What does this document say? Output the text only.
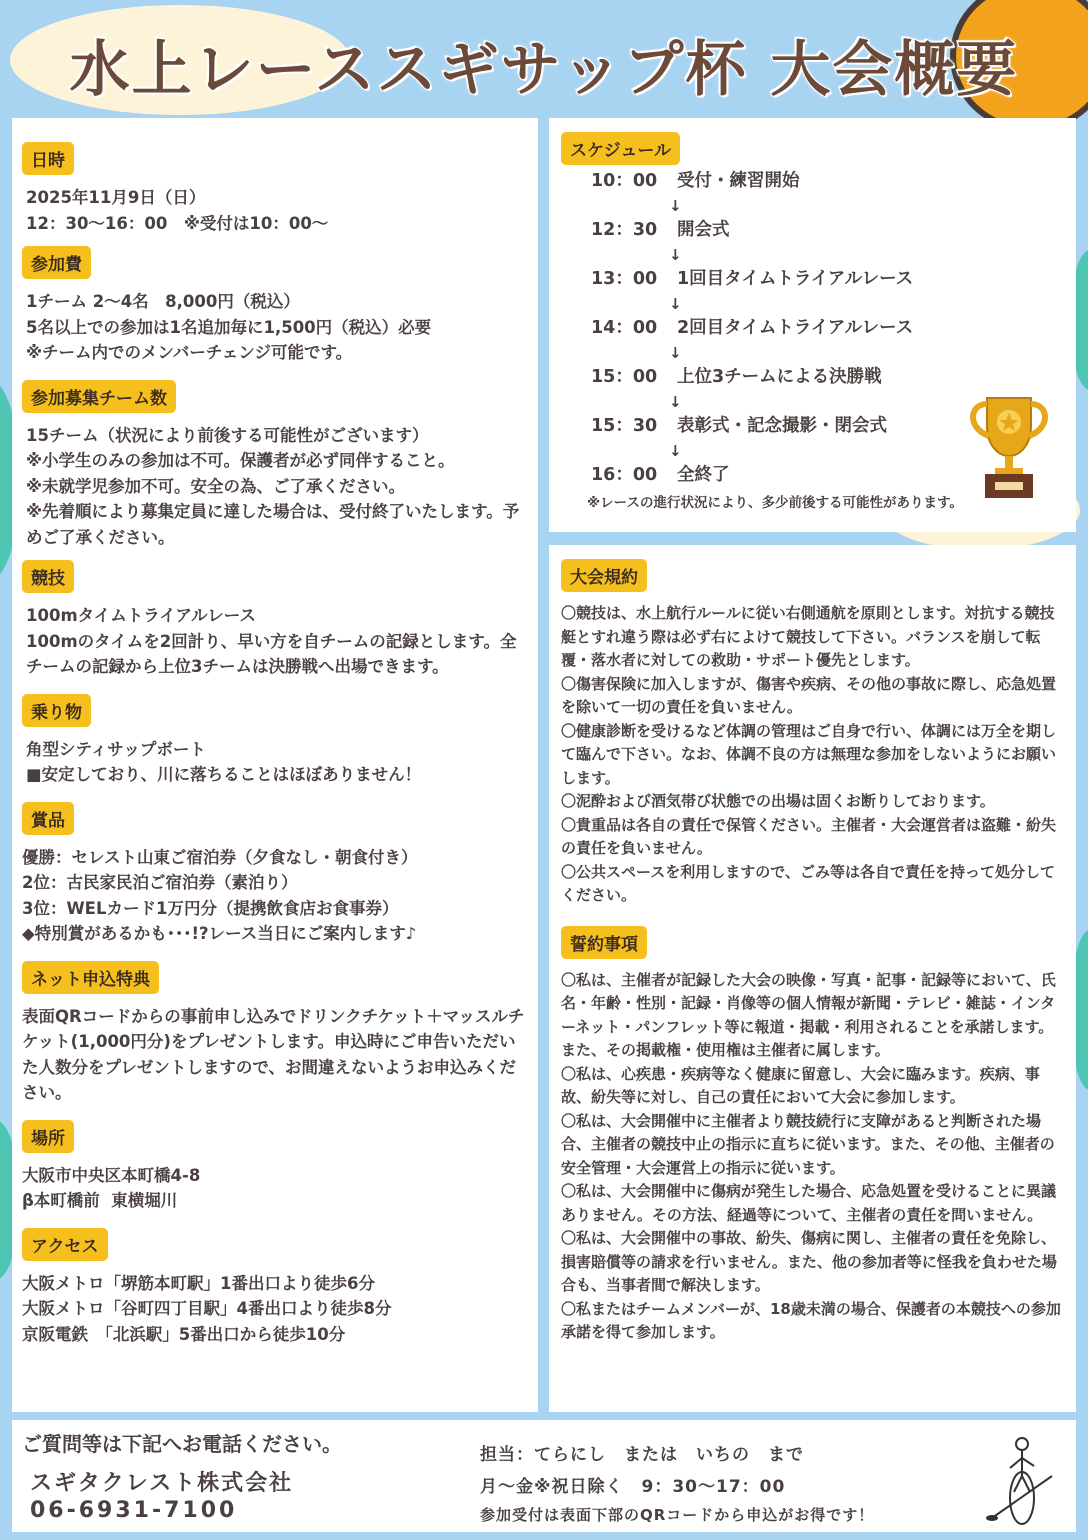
水上レーススギサップ杯 大会概要
日時

2025年11月9日（日）

12：30～16：00　※受付は10：00～

参加費

1チーム 2～4名　8,000円（税込）

5名以上での参加は1名追加毎に1,500円（税込）必要

※チーム内でのメンバーチェンジ可能です。

参加募集チーム数

15チーム（状況により前後する可能性がございます）

※小学生のみの参加は不可。保護者が必ず同伴すること。

※未就学児参加不可。安全の為、ご了承ください。

※先着順により募集定員に達した場合は、受付終了いたします。予めご了承ください。

競技

100mタイムトライアルレース

100mのタイムを2回計り、早い方を自チームの記録とします。全チームの記録から上位3チームは決勝戦へ出場できます。

乗り物

角型シティサップボート

■安定しており、川に落ちることはほぼありません！

賞品

優勝：セレスト山東ご宿泊券（夕食なし・朝食付き）

2位：古民家民泊ご宿泊券（素泊り）

3位：WELカード1万円分（提携飲食店お食事券）

◆特別賞があるかも･･･!?レース当日にご案内します♪

ネット申込特典

表面QRコードからの事前申し込みでドリンクチケット＋マッスルチケット(1,000円分)をプレゼントします。申込時にご申告いただいた人数分をプレゼントしますので、お間違えないようお申込みください。

場所

大阪市中央区本町橋4-8

β本町橋前  東横堀川

アクセス

大阪メトロ「堺筋本町駅」1番出口より徒歩6分

大阪メトロ「谷町四丁目駅」4番出口より徒歩8分

京阪電鉄　「北浜駅」5番出口から徒歩10分

スケジュール
10：00	受付・練習開始
↓
12：30	開会式
↓
13：00	1回目タイムトライアルレース
↓
14：00	2回目タイムトライアルレース
↓
15：00	上位3チームによる決勝戦
↓
15：30	表彰式・記念撮影・閉会式
↓
16：00	全終了
※レースの進行状況により、多少前後する可能性があります。
大会規約
〇競技は、水上航行ルールに従い右側通航を原則とします。対抗する競技艇とすれ違う際は必ず右によけて競技して下さい。バランスを崩して転覆・落水者に対しての救助・サポート優先とします。
〇傷害保険に加入しますが、傷害や疾病、その他の事故に際し、応急処置を除いて一切の責任を負いません。
〇健康診断を受けるなど体調の管理はご自身で行い、体調には万全を期して臨んで下さい。なお、体調不良の方は無理な参加をしないようにお願いします。
〇泥酔および酒気帯び状態での出場は固くお断りしております。
〇貴重品は各自の責任で保管ください。主催者・大会運営者は盗難・紛失の責任を負いません。
〇公共スペースを利用しますので、ごみ等は各自で責任を持って処分してください。
誓約事項
〇私は、主催者が記録した大会の映像・写真・記事・記録等において、氏名・年齢・性別・記録・肖像等の個人情報が新聞・テレビ・雑誌・インターネット・パンフレット等に報道・掲載・利用されることを承諾します。また、その掲載権・使用権は主催者に属します。
〇私は、心疾患・疾病等なく健康に留意し、大会に臨みます。疾病、事故、紛失等に対し、自己の責任において大会に参加します。
〇私は、大会開催中に主催者より競技続行に支障があると判断された場合、主催者の競技中止の指示に直ちに従います。また、その他、主催者の安全管理・大会運営上の指示に従います。
〇私は、大会開催中に傷病が発生した場合、応急処置を受けることに異議ありません。その方法、経過等について、主催者の責任を問いません。
〇私は、大会開催中の事故、紛失、傷病に関し、主催者の責任を免除し、損害賠償等の請求を行いません。また、他の参加者等に怪我を負わせた場合も、当事者間で解決します。
〇私またはチームメンバーが、18歳未満の場合、保護者の本競技への参加承諾を得て参加します。
ご質問等は下記へお電話ください。
スギタクレスト株式会社
06-6931-7100
担当：てらにし　または　いちの　まで
月～金※祝日除く　9：30～17：00
参加受付は表面下部のQRコードから申込がお得です！
